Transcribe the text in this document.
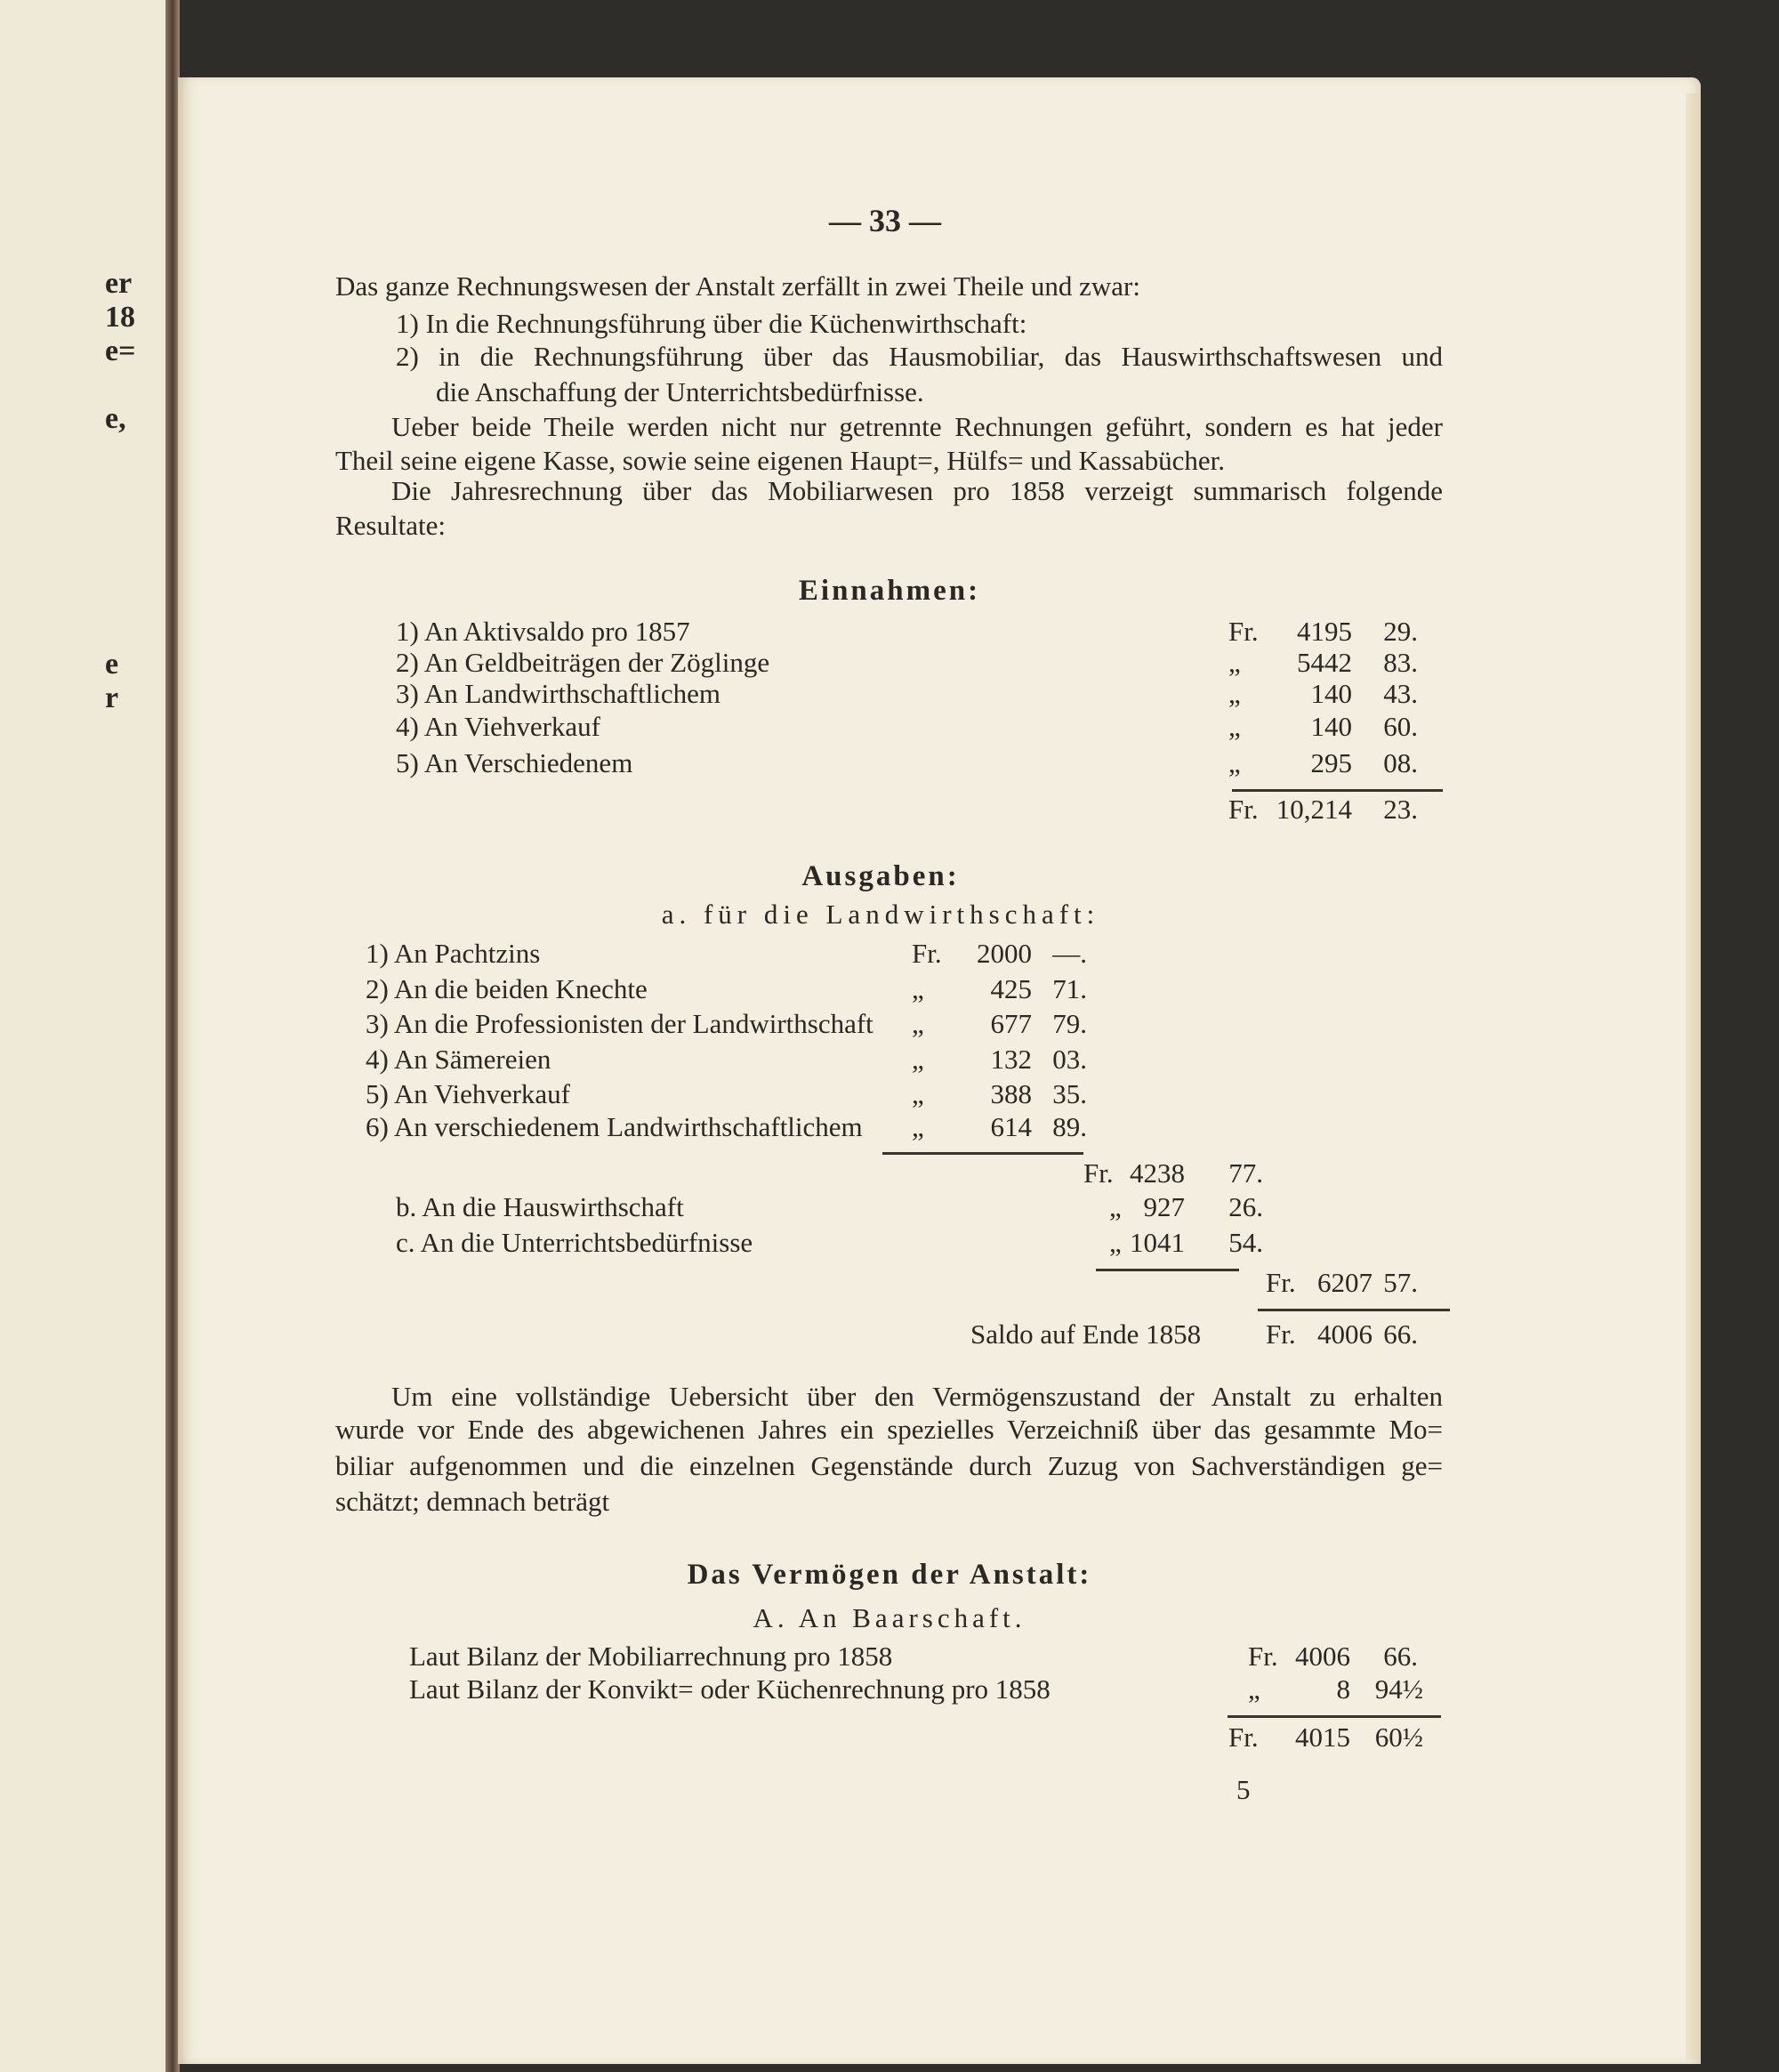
er
18
e=
e,
e
r
— 33 —
Das ganze Rechnungswesen der Anstalt zerfällt in zwei Theile und zwar:
1) In die Rechnungsführung über die Küchenwirthschaft:
2) in die Rechnungsführung über das Hausmobiliar, das Hauswirthschaftswesen und
die Anschaffung der Unterrichtsbedürfnisse.
Ueber beide Theile werden nicht nur getrennte Rechnungen geführt, sondern es hat jeder
Theil seine eigene Kasse, sowie seine eigenen Haupt=, Hülfs= und Kassabücher.
Die Jahresrechnung über das Mobiliarwesen pro 1858 verzeigt summarisch folgende
Resultate:
Einnahmen:
1) An Aktivsaldo pro 1857	Fr.	4195	29.
2) An Geldbeiträgen der Zöglinge	„	5442	83.
3) An Landwirthschaftlichem	„	140	43.
4) An Viehverkauf	„	140	60.
5) An Verschiedenem	„	295	08.
Fr. 10,214	23.
Ausgaben:
a. für die Landwirthschaft:
1) An Pachtzins	Fr.	2000 —.
2) An die beiden Knechte	„	425 71.
3) An die Professionisten der Landwirthschaft „	677 79.
4) An Sämereien	„	132 03.
5) An Viehverkauf	„	388 35.
6) An verschiedenem Landwirthschaftlichem „	614 89.
Fr. 4238	77.
b. An die Hauswirthschaft	„ 927	26.
c. An die Unterrichtsbedürfnisse	„ 1041	54.
Fr. 6207 57.
Saldo auf Ende 1858 Fr. 4006 66.
Um eine vollständige Uebersicht über den Vermögenszustand der Anstalt zu erhalten
wurde vor Ende des abgewichenen Jahres ein spezielles Verzeichniß über das gesammte Mo=
biliar aufgenommen und die einzelnen Gegenstände durch Zuzug von Sachverständigen ge=
schätzt; demnach beträgt
Das Vermögen der Anstalt:
A. An Baarschaft.
Laut Bilanz der Mobiliarrechnung pro 1858	Fr. 4006	66.
Laut Bilanz der Konvikt= oder Küchenrechnung pro 1858	„	8 94½
Fr.	4015 60½
5
